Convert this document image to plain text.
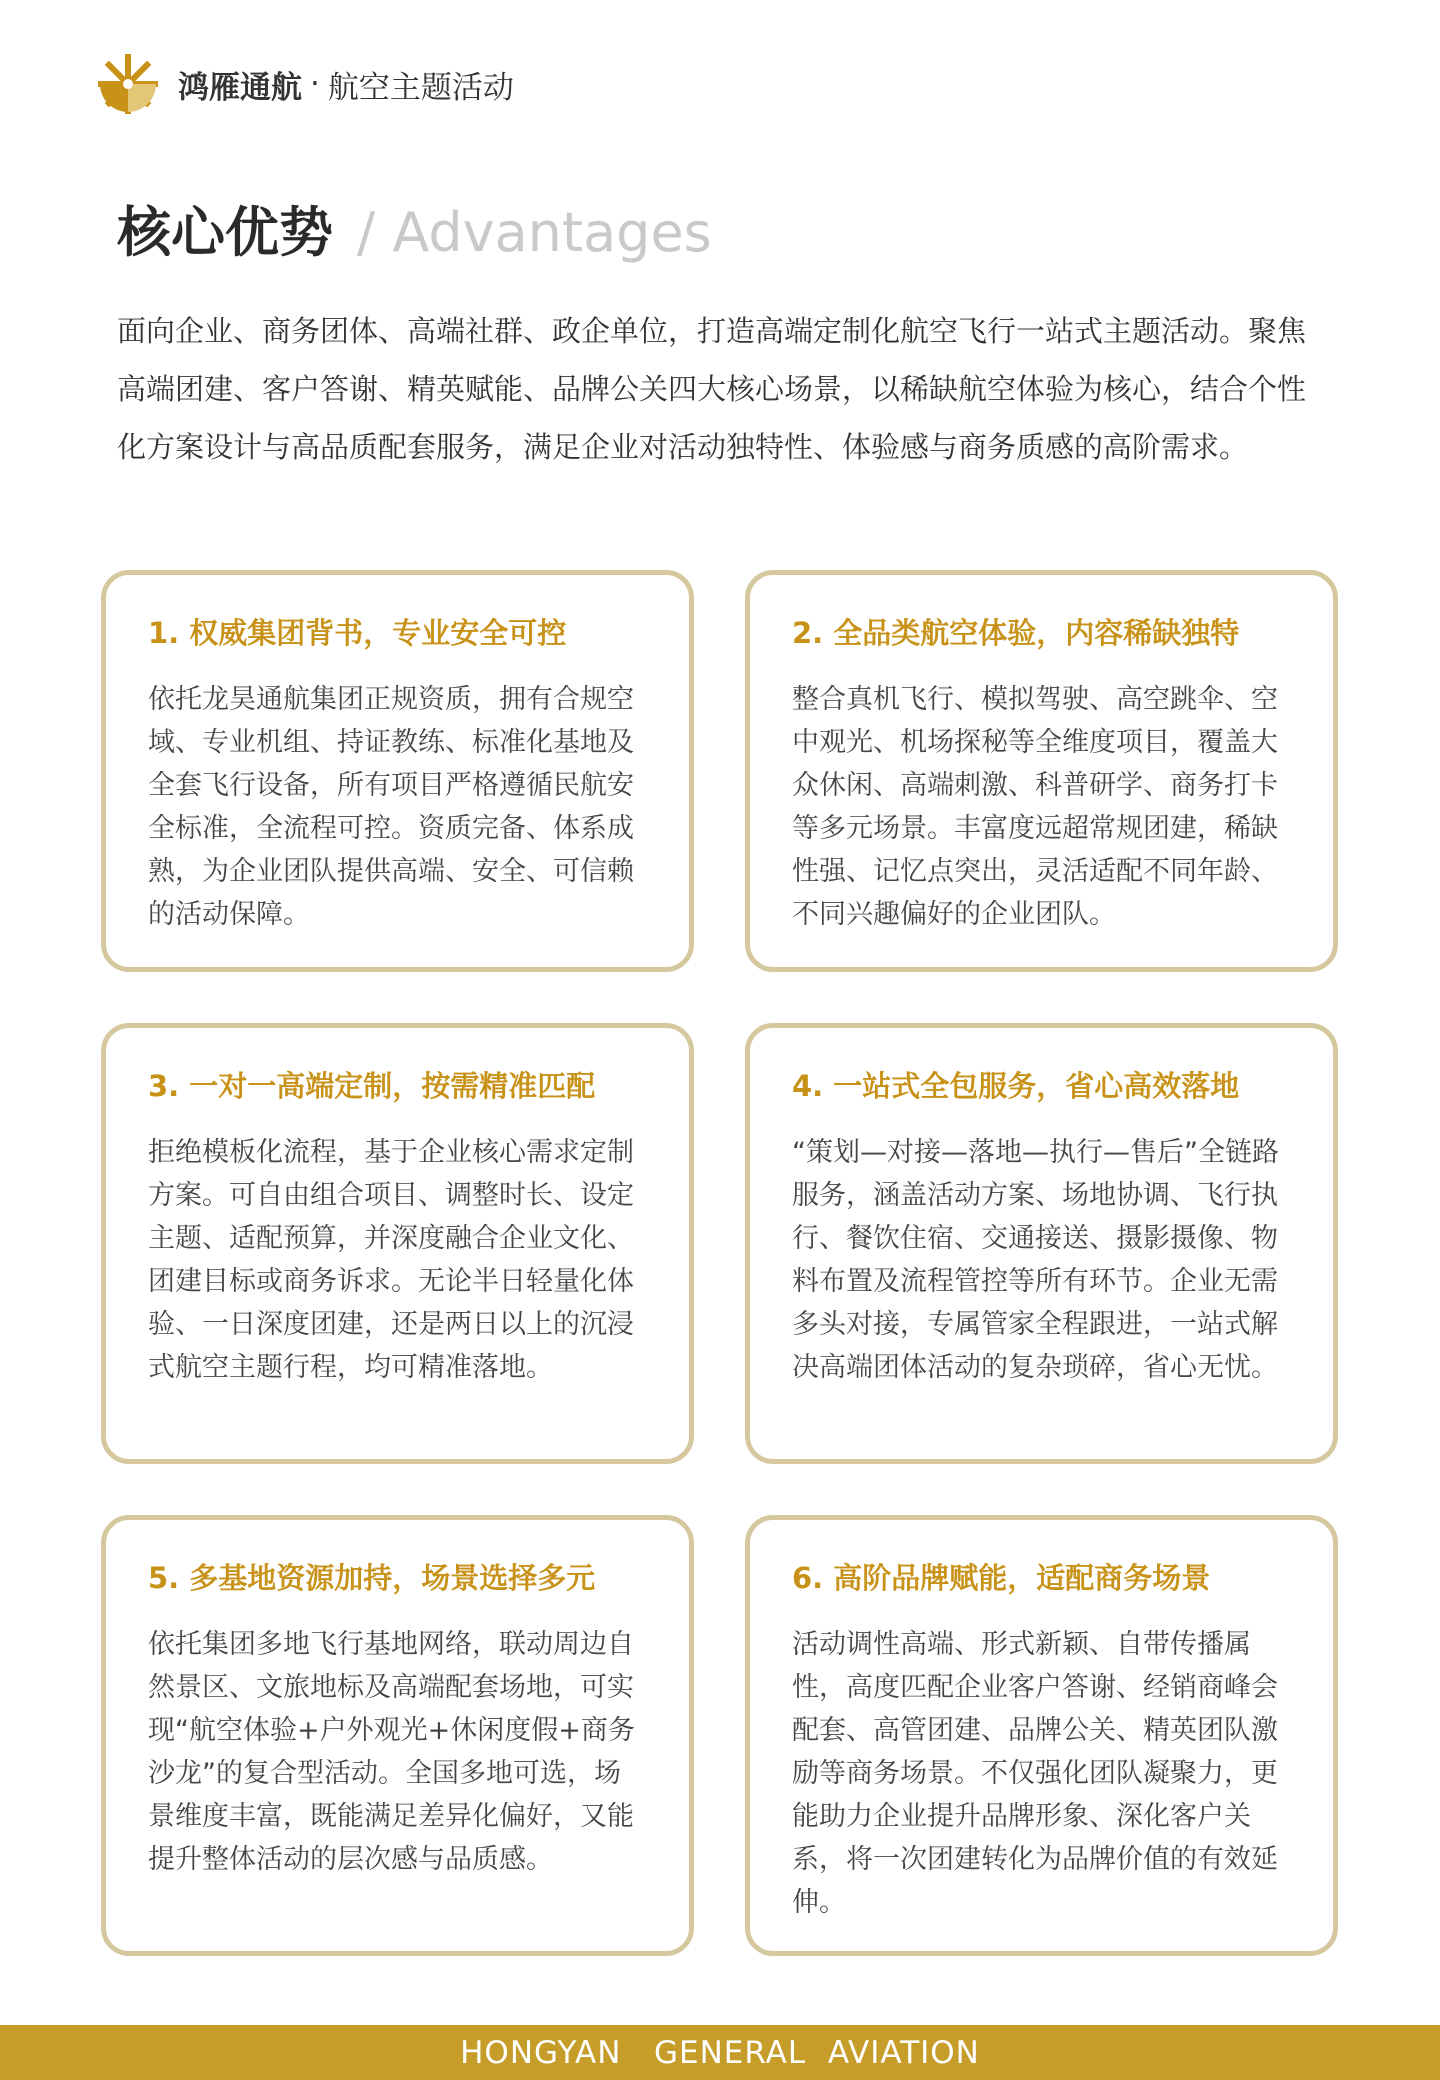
鸿雁通航 · 航空主题活动
核心优势 / Advantages
面向企业、商务团体、高端社群、政企单位，打造高端定制化航空飞行一站式主题活动。聚焦高端团建、客户答谢、精英赋能、品牌公关四大核心场景，以稀缺航空体验为核心，结合个性化方案设计与高品质配套服务，满足企业对活动独特性、体验感与商务质感的高阶需求。
1. 权威集团背书，专业安全可控
依托龙昊通航集团正规资质，拥有合规空域、专业机组、持证教练、标准化基地及全套飞行设备，所有项目严格遵循民航安全标准，全流程可控。资质完备、体系成熟，为企业团队提供高端、安全、可信赖的活动保障。
2. 全品类航空体验，内容稀缺独特
整合真机飞行、模拟驾驶、高空跳伞、空中观光、机场探秘等全维度项目，覆盖大众休闲、高端刺激、科普研学、商务打卡等多元场景。丰富度远超常规团建，稀缺性强、记忆点突出，灵活适配不同年龄、不同兴趣偏好的企业团队。
3. 一对一高端定制，按需精准匹配
拒绝模板化流程，基于企业核心需求定制方案。可自由组合项目、调整时长、设定主题、适配预算，并深度融合企业文化、团建目标或商务诉求。无论半日轻量化体验、一日深度团建，还是两日以上的沉浸式航空主题行程，均可精准落地。
4. 一站式全包服务，省心高效落地
“策划—对接—落地—执行—售后”全链路服务，涵盖活动方案、场地协调、飞行执行、餐饮住宿、交通接送、摄影摄像、物料布置及流程管控等所有环节。企业无需多头对接，专属管家全程跟进，一站式解决高端团体活动的复杂琐碎，省心无忧。
5. 多基地资源加持，场景选择多元
依托集团多地飞行基地网络，联动周边自然景区、文旅地标及高端配套场地，可实现“航空体验+户外观光+休闲度假+商务沙龙”的复合型活动。全国多地可选，场景维度丰富，既能满足差异化偏好，又能提升整体活动的层次感与品质感。
6. 高阶品牌赋能，适配商务场景
活动调性高端、形式新颖、自带传播属性，高度匹配企业客户答谢、经销商峰会配套、高管团建、品牌公关、精英团队激励等商务场景。不仅强化团队凝聚力，更能助力企业提升品牌形象、深化客户关系，将一次团建转化为品牌价值的有效延伸。
HONGYAN   GENERAL  AVIATION
